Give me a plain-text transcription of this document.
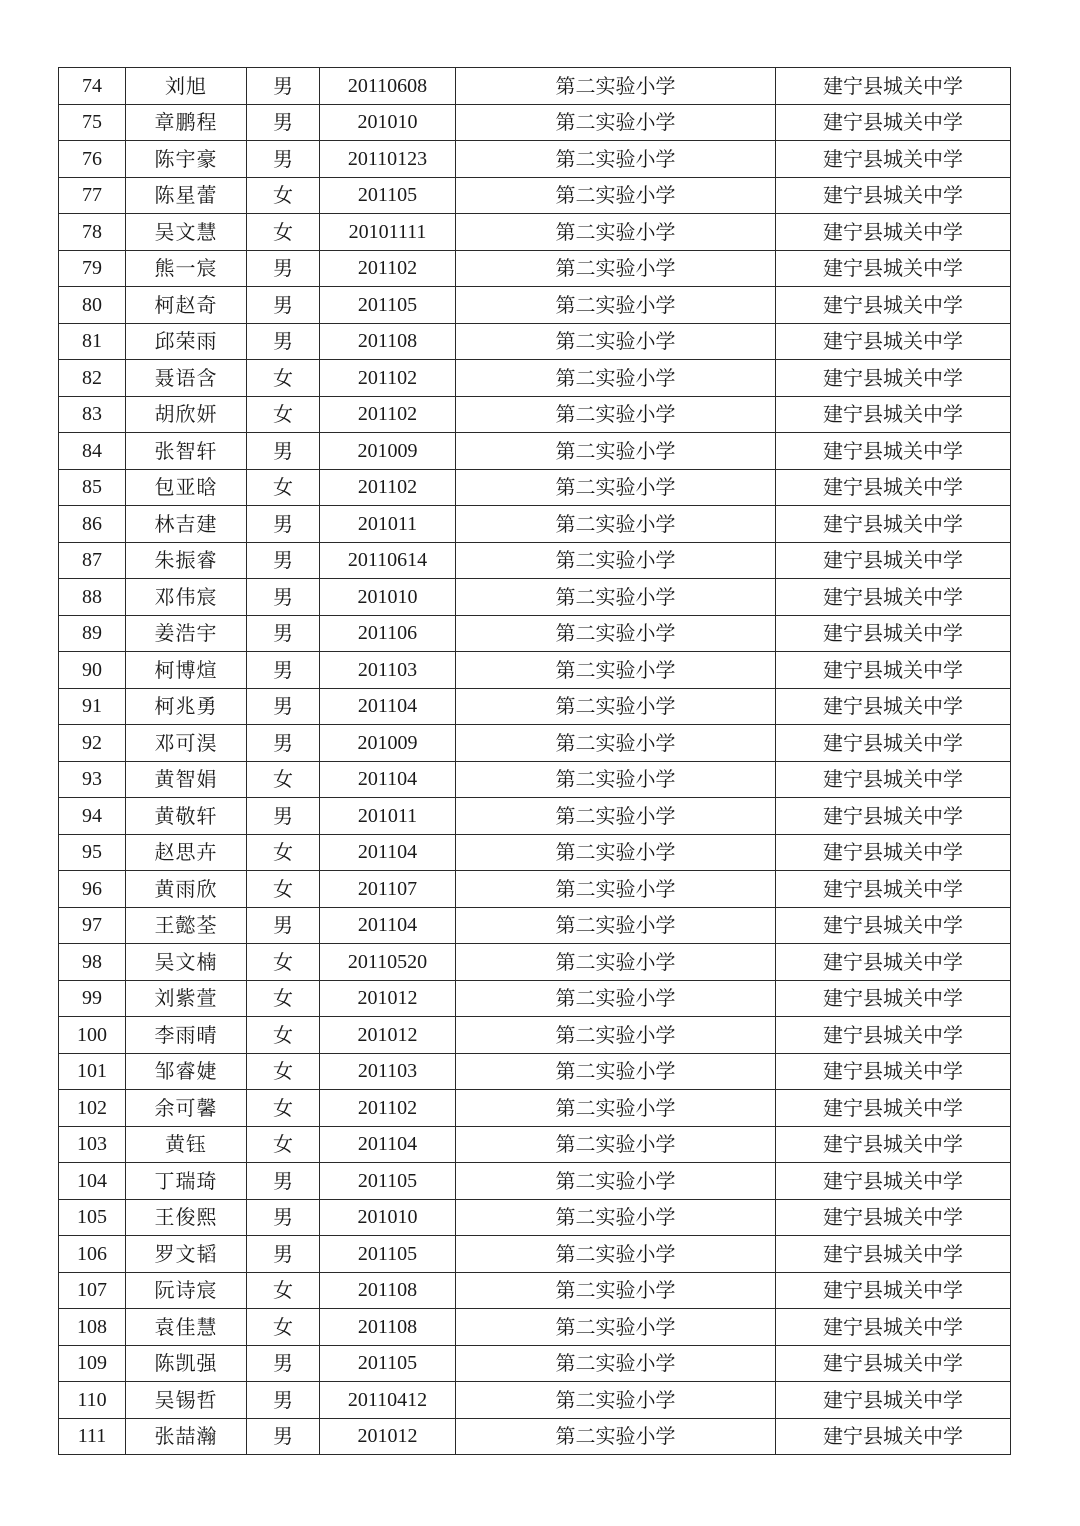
74	刘旭	男	20110608	第二实验小学	建宁县城关中学
75	章鹏程	男	201010	第二实验小学	建宁县城关中学
76	陈宇豪	男	20110123	第二实验小学	建宁县城关中学
77	陈星蕾	女	201105	第二实验小学	建宁县城关中学
78	吴文慧	女	20101111	第二实验小学	建宁县城关中学
79	熊一宸	男	201102	第二实验小学	建宁县城关中学
80	柯赵奇	男	201105	第二实验小学	建宁县城关中学
81	邱荣雨	男	201108	第二实验小学	建宁县城关中学
82	聂语含	女	201102	第二实验小学	建宁县城关中学
83	胡欣妍	女	201102	第二实验小学	建宁县城关中学
84	张智轩	男	201009	第二实验小学	建宁县城关中学
85	包亚晗	女	201102	第二实验小学	建宁县城关中学
86	林吉建	男	201011	第二实验小学	建宁县城关中学
87	朱振睿	男	20110614	第二实验小学	建宁县城关中学
88	邓伟宸	男	201010	第二实验小学	建宁县城关中学
89	姜浩宇	男	201106	第二实验小学	建宁县城关中学
90	柯博煊	男	201103	第二实验小学	建宁县城关中学
91	柯兆勇	男	201104	第二实验小学	建宁县城关中学
92	邓可淏	男	201009	第二实验小学	建宁县城关中学
93	黄智娟	女	201104	第二实验小学	建宁县城关中学
94	黄敬轩	男	201011	第二实验小学	建宁县城关中学
95	赵思卉	女	201104	第二实验小学	建宁县城关中学
96	黄雨欣	女	201107	第二实验小学	建宁县城关中学
97	王懿荃	男	201104	第二实验小学	建宁县城关中学
98	吴文楠	女	20110520	第二实验小学	建宁县城关中学
99	刘紫萱	女	201012	第二实验小学	建宁县城关中学
100	李雨晴	女	201012	第二实验小学	建宁县城关中学
101	邹睿婕	女	201103	第二实验小学	建宁县城关中学
102	余可馨	女	201102	第二实验小学	建宁县城关中学
103	黄钰	女	201104	第二实验小学	建宁县城关中学
104	丁瑞琦	男	201105	第二实验小学	建宁县城关中学
105	王俊熙	男	201010	第二实验小学	建宁县城关中学
106	罗文韬	男	201105	第二实验小学	建宁县城关中学
107	阮诗宸	女	201108	第二实验小学	建宁县城关中学
108	袁佳慧	女	201108	第二实验小学	建宁县城关中学
109	陈凯强	男	201105	第二实验小学	建宁县城关中学
110	吴锡哲	男	20110412	第二实验小学	建宁县城关中学
111	张喆瀚	男	201012	第二实验小学	建宁县城关中学
